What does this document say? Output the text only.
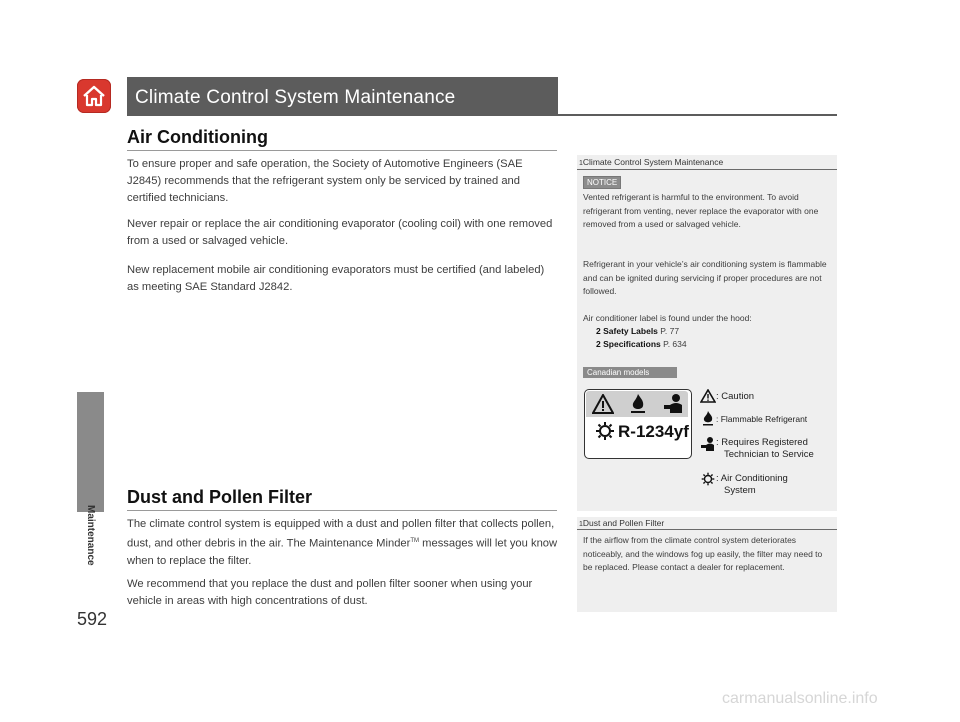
Maintenance
592
Climate Control System Maintenance
Air Conditioning
To ensure proper and safe operation, the Society of Automotive Engineers (SAE J2845) recommends that the refrigerant system only be serviced by trained and certified technicians.
Never repair or replace the air conditioning evaporator (cooling coil) with one removed from a used or salvaged vehicle.
New replacement mobile air conditioning evaporators must be certified (and labeled) as meeting SAE Standard J2842.
Dust and Pollen Filter
The climate control system is equipped with a dust and pollen filter that collects pollen, dust, and other debris in the air. The Maintenance Minder™ messages will let you know when to replace the filter.
We recommend that you replace the dust and pollen filter sooner when using your vehicle in areas with high concentrations of dust.
1Climate Control System Maintenance
NOTICE
Vented refrigerant is harmful to the environment. To avoid refrigerant from venting, never replace the evaporator with one removed from a used or salvaged vehicle.
Refrigerant in your vehicle’s air conditioning system is flammable and can be ignited during servicing if proper procedures are not followed.
Air conditioner label is found under the hood:
2 Safety Labels P. 77
2 Specifications P. 634
Canadian models
R-1234yf
: Caution
: Flammable Refrigerant
: Requires Registered
Technician to Service
: Air Conditioning
System
1Dust and Pollen Filter
If the airflow from the climate control system deteriorates noticeably, and the windows fog up easily, the filter may need to be replaced. Please contact a dealer for replacement.
carmanualsonline.info
